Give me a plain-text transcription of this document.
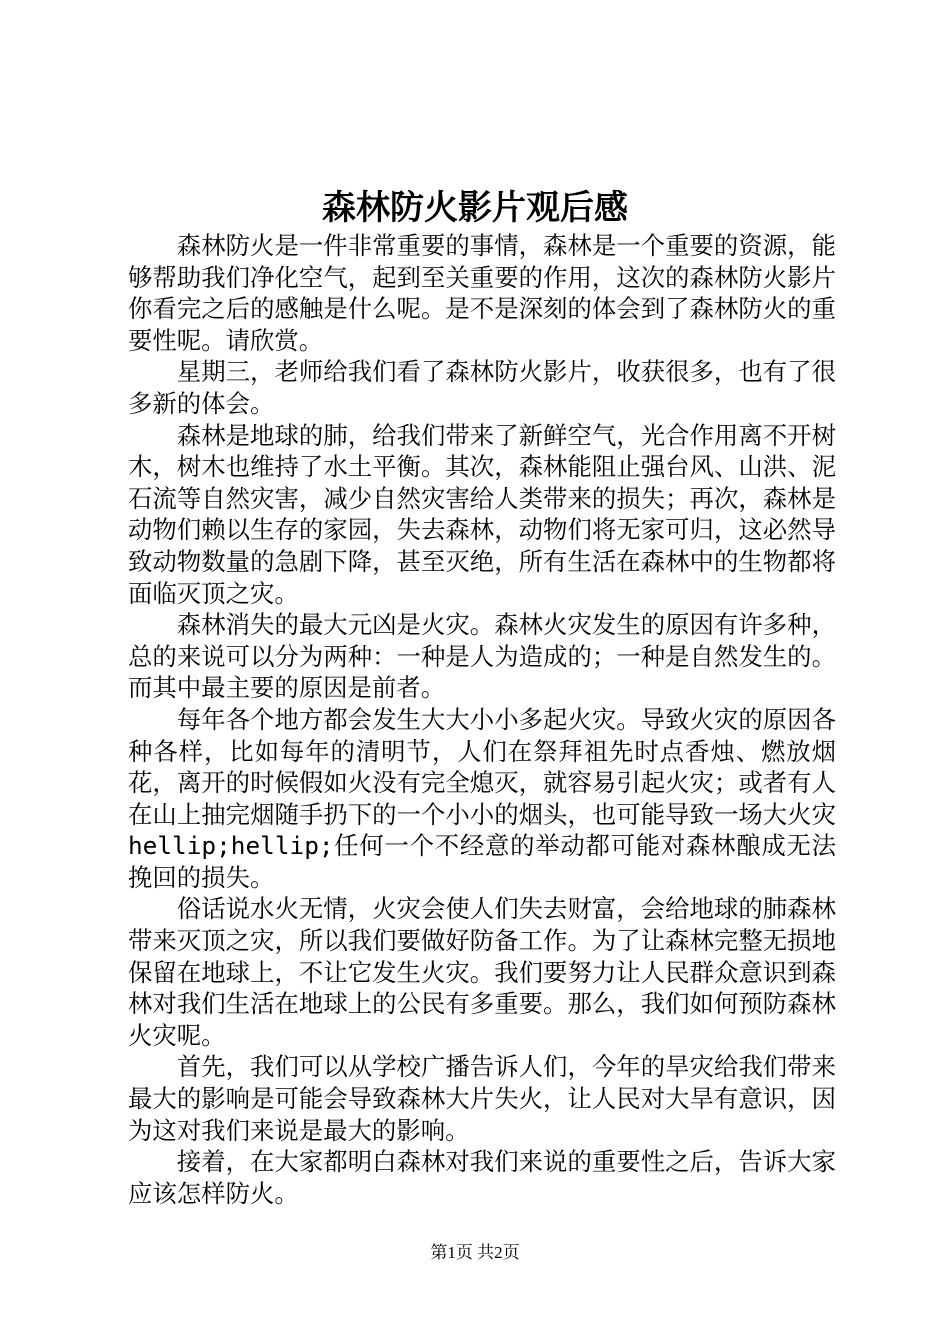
森林防火影片观后感

森林防火是一件非常重要的事情，森林是一个重要的资源，能够帮助我们净化空气，起到至关重要的作用，这次的森林防火影片你看完之后的感触是什么呢。是不是深刻的体会到了森林防火的重要性呢。请欣赏。

星期三，老师给我们看了森林防火影片，收获很多，也有了很多新的体会。

森林是地球的肺，给我们带来了新鲜空气，光合作用离不开树木，树木也维持了水土平衡。其次，森林能阻止强台风、山洪、泥石流等自然灾害，减少自然灾害给人类带来的损失；再次，森林是动物们赖以生存的家园，失去森林，动物们将无家可归，这必然导致动物数量的急剧下降，甚至灭绝，所有生活在森林中的生物都将面临灭顶之灾。

森林消失的最大元凶是火灾。森林火灾发生的原因有许多种，总的来说可以分为两种：一种是人为造成的；一种是自然发生的。而其中最主要的原因是前者。

每年各个地方都会发生大大小小多起火灾。导致火灾的原因各种各样，比如每年的清明节，人们在祭拜祖先时点香烛、燃放烟花，离开的时候假如火没有完全熄灭，就容易引起火灾；或者有人在山上抽完烟随手扔下的一个小小的烟头，也可能导致一场大火灾hellip;hellip;任何一个不经意的举动都可能对森林酿成无法挽回的损失。

俗话说水火无情，火灾会使人们失去财富，会给地球的肺森林带来灭顶之灾，所以我们要做好防备工作。为了让森林完整无损地保留在地球上，不让它发生火灾。我们要努力让人民群众意识到森林对我们生活在地球上的公民有多重要。那么，我们如何预防森林火灾呢。

首先，我们可以从学校广播告诉人们，今年的旱灾给我们带来最大的影响是可能会导致森林大片失火，让人民对大旱有意识，因为这对我们来说是最大的影响。

接着，在大家都明白森林对我们来说的重要性之后，告诉大家应该怎样防火。

第1页 共2页
